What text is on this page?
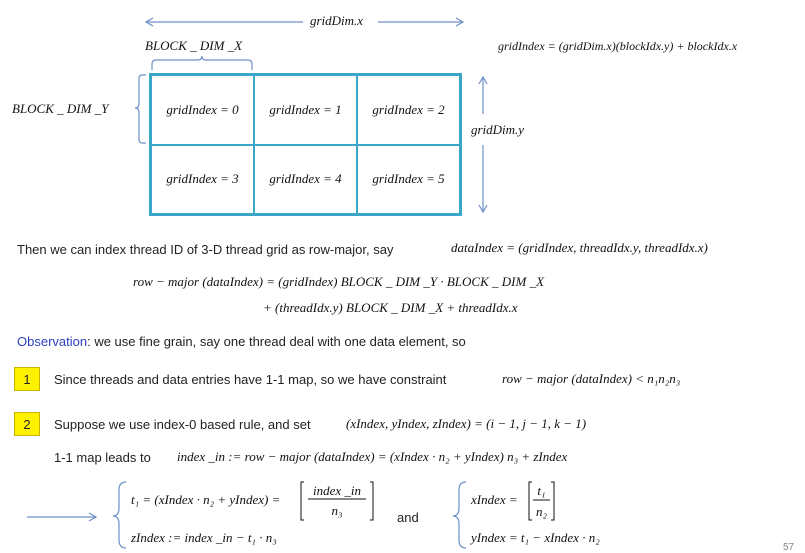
gridDim.x
BLOCK _ DIM _X
BLOCK _ DIM _Y
gridDim.y
gridIndex = (gridDim.x)(blockIdx.y) + blockIdx.x
gridIndex = 0	gridIndex = 1	gridIndex = 2
gridIndex = 3	gridIndex = 4	gridIndex = 5
Then we can index thread ID of 3-D thread grid as row-major, say	dataIndex = (gridIndex, threadIdx.y, threadIdx.x)
row − major (dataIndex) = (gridIndex) BLOCK _ DIM _Y · BLOCK _ DIM _X
+ (threadIdx.y) BLOCK _ DIM _X + threadIdx.x
Observation: we use fine grain, say one thread deal with one data element, so
1	Since threads and data entries have 1-1 map, so we have constraint	row − major (dataIndex) < n₁n₂n₃
2	Suppose we use index-0 based rule, and set	(xIndex, yIndex, zIndex) = (i − 1, j − 1, k − 1)
1-1 map leads to index _in := row − major (dataIndex) = (xIndex · n₂ + yIndex) n₃ + zIndex
t₁ = (xIndex · n₂ + yIndex) =
index _in
n₃
zIndex := index _in − t₁ · n₃
and
xIndex =
t₁
n₂
yIndex = t₁ − xIndex · n₂
57
